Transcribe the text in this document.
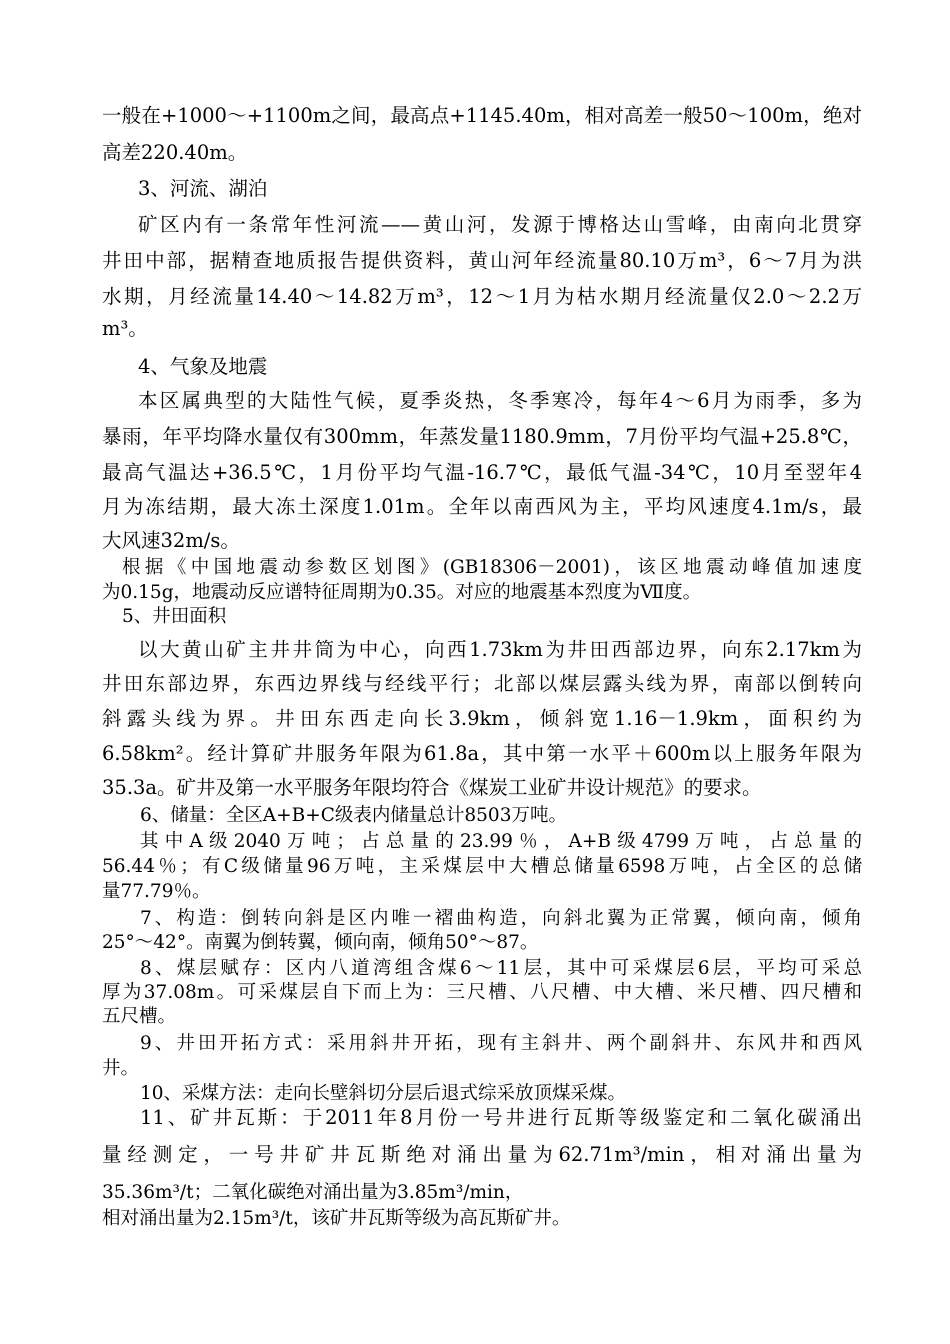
一般在+1000～+1100m之间，最高点+1145.40m，相对高差一般50～100m，绝对
高差220.40m。
3、河流、湖泊
矿区内有一条常年性河流——黄山河，发源于博格达山雪峰，由南向北贯穿
井田中部，据精查地质报告提供资料，黄山河年经流量80.10万m³，6～7月为洪
水期，月经流量14.40～14.82万m³，12～1月为枯水期月经流量仅2.0～2.2万
m³。
4、气象及地震
本区属典型的大陆性气候，夏季炎热，冬季寒冷，每年4～6月为雨季，多为
暴雨，年平均降水量仅有300mm，年蒸发量1180.9mm，7月份平均气温+25.8℃，
最高气温达+36.5℃，1月份平均气温-16.7℃，最低气温-34℃，10月至翌年4
月为冻结期，最大冻土深度1.01m。全年以南西风为主，平均风速度4.1m/s，最
大风速32m/s。
根据《中国地震动参数区划图》(GB18306－2001)，该区地震动峰值加速度
为0.15g，地震动反应谱特征周期为0.35。对应的地震基本烈度为Ⅶ度。
5、井田面积
以大黄山矿主井井筒为中心，向西1.73km为井田西部边界，向东2.17km为
井田东部边界，东西边界线与经线平行；北部以煤层露头线为界，南部以倒转向
斜露头线为界。井田东西走向长3.9km，倾斜宽1.16－1.9km，面积约为
6.58km²。经计算矿井服务年限为61.8a，其中第一水平＋600m以上服务年限为
35.3a。矿井及第一水平服务年限均符合《煤炭工业矿井设计规范》的要求。
6、储量：全区A+B+C级表内储量总计8503万吨。
其中A级2040万吨；占总量的23.99％，A+B级4799万吨，占总量的
56.44％；有C级储量96万吨，主采煤层中大槽总储量6598万吨，占全区的总储
量77.79％。
7、构造：倒转向斜是区内唯一褶曲构造，向斜北翼为正常翼，倾向南，倾角
25°～42°。南翼为倒转翼，倾向南，倾角50°～87。
8、煤层赋存：区内八道湾组含煤6～11层，其中可采煤层6层，平均可采总
厚为37.08m。可采煤层自下而上为：三尺槽、八尺槽、中大槽、米尺槽、四尺槽和
五尺槽。
9、井田开拓方式：采用斜井开拓，现有主斜井、两个副斜井、东风井和西风
井。
10、采煤方法：走向长壁斜切分层后退式综采放顶煤采煤。
11、矿井瓦斯：于2011年8月份一号井进行瓦斯等级鉴定和二氧化碳涌出
量经测定，一号井矿井瓦斯绝对涌出量为62.71m³/min，相对涌出量为
35.36m³/t；二氧化碳绝对涌出量为3.85m³/min，
相对涌出量为2.15m³/t，该矿井瓦斯等级为高瓦斯矿井。
